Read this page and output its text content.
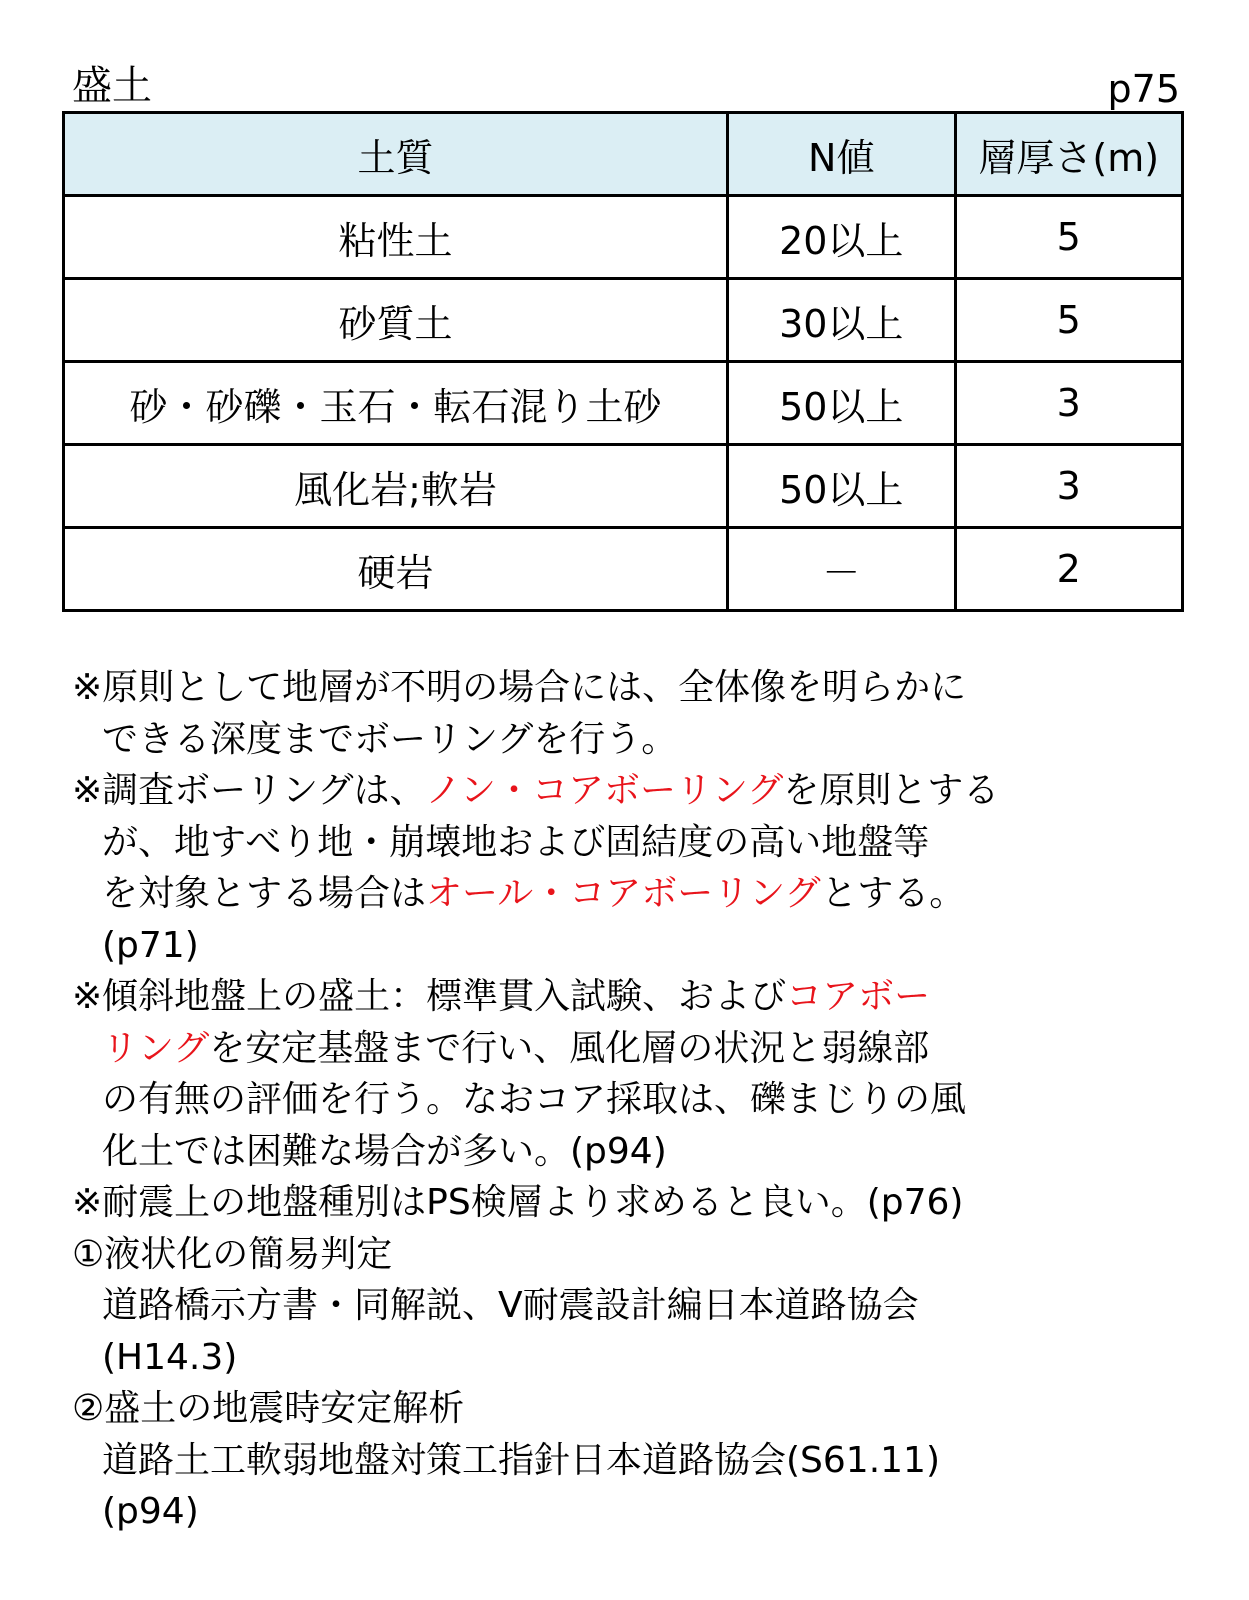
盛土	p75
土質	N値	層厚さ(m)
粘性土	20以上	5
砂質土	30以上	5
砂・砂礫・玉石・転石混り土砂	50以上	3
風化岩;軟岩	50以上	3
硬岩	－	2
※原則として地層が不明の場合には、全体像を明らかに
できる深度までボーリングを行う。
※調査ボーリングは、ノン・コアボーリングを原則とする
が、地すべり地・崩壊地および固結度の高い地盤等
を対象とする場合はオール・コアボーリングとする。
(p71)
※傾斜地盤上の盛土：標準貫入試験、およびコアボー
リングを安定基盤まで行い、風化層の状況と弱線部
の有無の評価を行う。なおコア採取は、礫まじりの風
化土では困難な場合が多い。(p94)
※耐震上の地盤種別はPS検層より求めると良い。(p76)
①液状化の簡易判定
道路橋示方書・同解説、V耐震設計編日本道路協会
(H14.3)
②盛土の地震時安定解析
道路土工軟弱地盤対策工指針日本道路協会(S61.11)
(p94)
